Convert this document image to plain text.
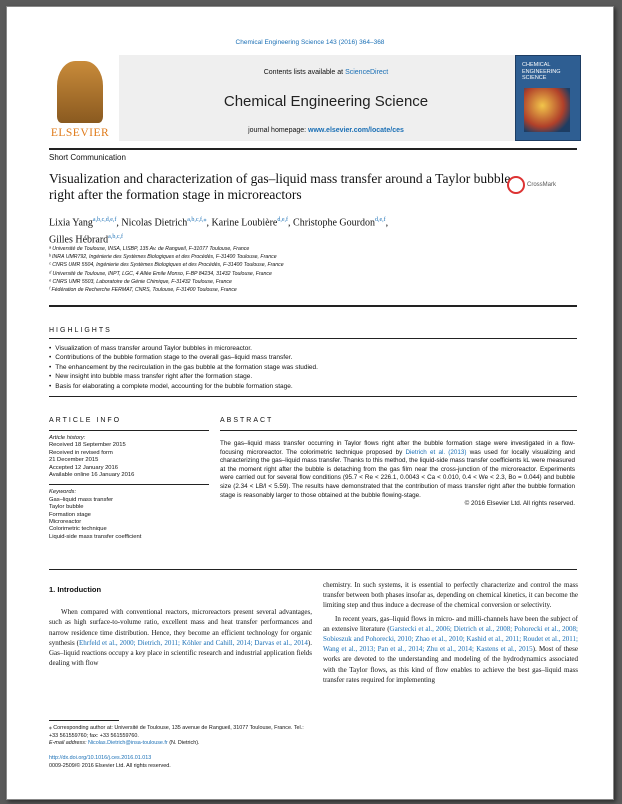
Chemical Engineering Science 143 (2016) 364–368
ELSEVIER
Contents lists available at ScienceDirect
Chemical Engineering Science
journal homepage: www.elsevier.com/locate/ces
CHEMICAL ENGINEERING SCIENCE
Short Communication
Visualization and characterization of gas–liquid mass transfer around a Taylor bubble right after the formation stage in microreactors
CrossMark
Lixia Yang$^{a,b,c,d,e,f}$, Nicolas Dietrich$^{a,b,c,f,⁎}$, Karine Loubière$^{d,e,f}$, Christophe Gourdon$^{d,e,f}$,
Gilles Hébrard$^{a,b,c,f}$
ᵃ Université de Toulouse, INSA, LISBP, 135 Av. de Rangueil, F-31077 Toulouse, France
ᵇ INRA UMR792, Ingénierie des Systèmes Biologiques et des Procédés, F-31400 Toulouse, France
ᶜ CNRS UMR 5504, Ingénierie des Systèmes Biologiques et des Procédés, F-31400 Toulouse, France
ᵈ Université de Toulouse, INPT, LGC, 4 Allée Emile Monso, F-BP 84234, 31432 Toulouse, France
ᵉ CNRS UMR 5503, Laboratoire de Génie Chimique, F-31432 Toulouse, France
ᶠ Fédération de Recherche FERMAT, CNRS, Toulouse, F-31400 Toulouse, France
HIGHLIGHTS
• Visualization of mass transfer around Taylor bubbles in microreactor.
• Contributions of the bubble formation stage to the overall gas–liquid mass transfer.
• The enhancement by the recirculation in the gas bubble at the formation stage was studied.
• New insight into bubble mass transfer right after the formation stage.
• Basis for elaborating a complete model, accounting for the bubble formation stage.
ARTICLE INFO	ABSTRACT
Article history:
Received 18 September 2015
Received in revised form
21 December 2015
Accepted 12 January 2016
Available online 16 January 2016
Keywords:
Gas–liquid mass transfer
Taylor bubble
Formation stage
Microreactor
Colorimetric technique
Liquid-side mass transfer coefficient
The gas–liquid mass transfer occurring in Taylor flows right after the bubble formation stage were investigated in a flow-focusing microreactor. The colorimetric technique proposed by Dietrich et al. (2013) was used for locally visualizing and characterizing the gas–liquid mass transfer. Thanks to this method, the liquid-side mass transfer coefficients kL were measured at the moment right after the bubble is detaching from the gas film near the cross-junction of the microreactor. Experiments were carried out for several flow conditions (95.7 < Re < 226.1, 0.0043 < Ca < 0.010, 0.4 < We < 2.3, Bo = 0.044) and bubble size (2.34 < LB/l < 5.59). The results have demonstrated that the contribution of mass transfer right after the bubble formation stage is reasonably larger to those obtained at the bubble flowing-stage.
© 2016 Elsevier Ltd. All rights reserved.
1. Introduction
When compared with conventional reactors, microreactors present several advantages, such as high surface-to-volume ratio, excellent mass and heat transfer performances and narrow residence time distribution. Hence, they become an efficient technology for organic synthesis (Ehrfeld et al., 2000; Dietrich, 2011; Köhler and Cahill, 2014; Darvas et al., 2014). Gas–liquid reactions occupy a key place in scientific research and industrial application fields dealing with flow
chemistry. In such systems, it is essential to perfectly characterize and control the mass transfer between both phases insofar as, depending on chemical kinetics, it can become the limiting step and thus induce a decrease of the chemical conversion or selectivity.
In recent years, gas–liquid flows in micro- and milli-channels have been the subject of an extensive literature (Garstecki et al., 2006; Dietrich et al., 2008; Pohorecki et al., 2008; Sobieszuk and Pohorecki, 2010; Zhao et al., 2010; Kashid et al., 2011; Roudet et al., 2011; Wang et al., 2013; Pan et al., 2014; Zhu et al., 2014; Kastens et al., 2015). Most of these works are devoted to the understanding and modeling of the hydrodynamics associated with the Taylor flows, as this kind of flow enables to achieve the best gas–liquid mass transfer rates required for implementing
⁎ Corresponding author at: Université de Toulouse, 135 avenue de Rangueil, 31077 Toulouse, France. Tel.: +33 561559760; fax: +33 561559760.
E-mail address: Nicolas.Dietrich@insa-toulouse.fr (N. Dietrich).
http://dx.doi.org/10.1016/j.ces.2016.01.013
0009-2509/© 2016 Elsevier Ltd. All rights reserved.
